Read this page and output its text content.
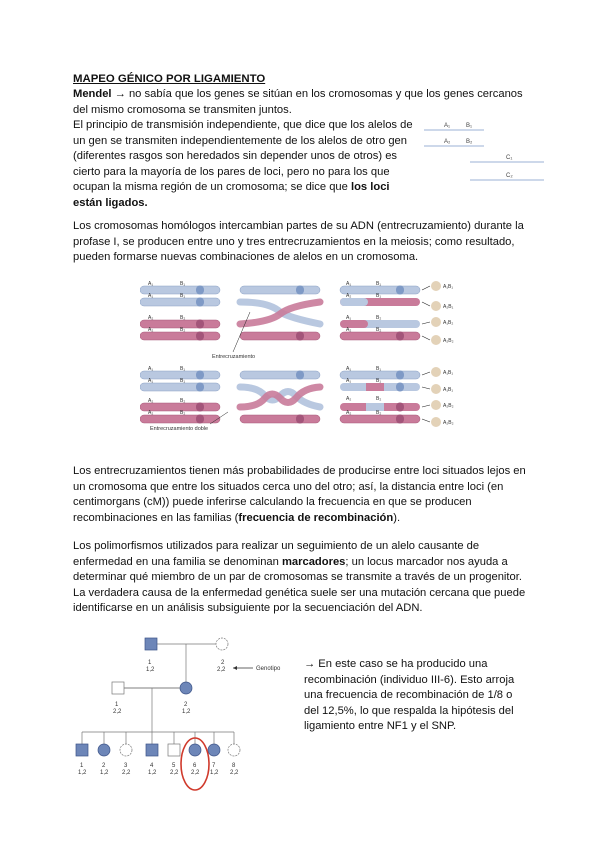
MAPEO GÉNICO POR LIGAMIENTO
Mendel → no sabía que los genes se sitúan en los cromosomas y que los genes cercanos del mismo cromosoma se transmiten juntos.
El principio de transmisión independiente, que dice que los alelos de un gen se transmiten independientemente de los alelos de otro gen (diferentes rasgos son heredados sin depender unos de otros) es cierto para la mayoría de los pares de loci, pero no para los que ocupan la misma región de un cromosoma; se dice que los loci están ligados.
A₁	B₁
A₂	B₂
C₁
C₂
Los cromosomas homólogos intercambian partes de su ADN (entrecruzamiento) durante la profase I, se producen entre uno y tres entrecruzamientos en la meiosis; como resultado, pueden formarse nuevas combinaciones de alelos en un cromosoma.
A₁	B₁
A₁	B₁
A₂	B₂
A₂	B₂
A₁	B₁
A₂	B₁
A₁	B₂
A₂	B₂
A₁B₁
A₂B₁
A₁B₂
A₂B₂
Entrecruzamiento
A₁	B₁
A₁	B₁
A₂	B₂
A₂	B₂
A₁	B₁
A₁	B₁
A₂	B₂
A₂	B₂
A₁B₁
A₁B₁
A₂B₂
A₂B₂
Entrecruzamiento doble
Los entrecruzamientos tienen más probabilidades de producirse entre loci situados lejos en un cromosoma que entre los situados cerca uno del otro; así, la distancia entre loci (en centimorgans (cM)) puede inferirse calculando la frecuencia en que se producen recombinaciones en las familias (frecuencia de recombinación).
Los polimorfismos utilizados para realizar un seguimiento de un alelo causante de enfermedad en una familia se denominan marcadores; un locus marcador nos ayuda a determinar qué miembro de un par de cromosomas se transmite a través de un progenitor. La verdadera causa de la enfermedad genética suele ser una mutación cercana que puede identificarse en un análisis subsiguiente por la secuenciación del ADN.
1
1,2
2
2,2	Genotipo
1
2,2
2
1,2
1
1,2
2
1,2
3
2,2
4
1,2
5
2,2
6
2,2
7
1,2
8
2,2
→ En este caso se ha producido una recombinación (individuo III-6). Esto arroja una frecuencia de recombinación de 1/8 o del 12,5%, lo que respalda la hipótesis del ligamiento entre NF1 y el SNP.
